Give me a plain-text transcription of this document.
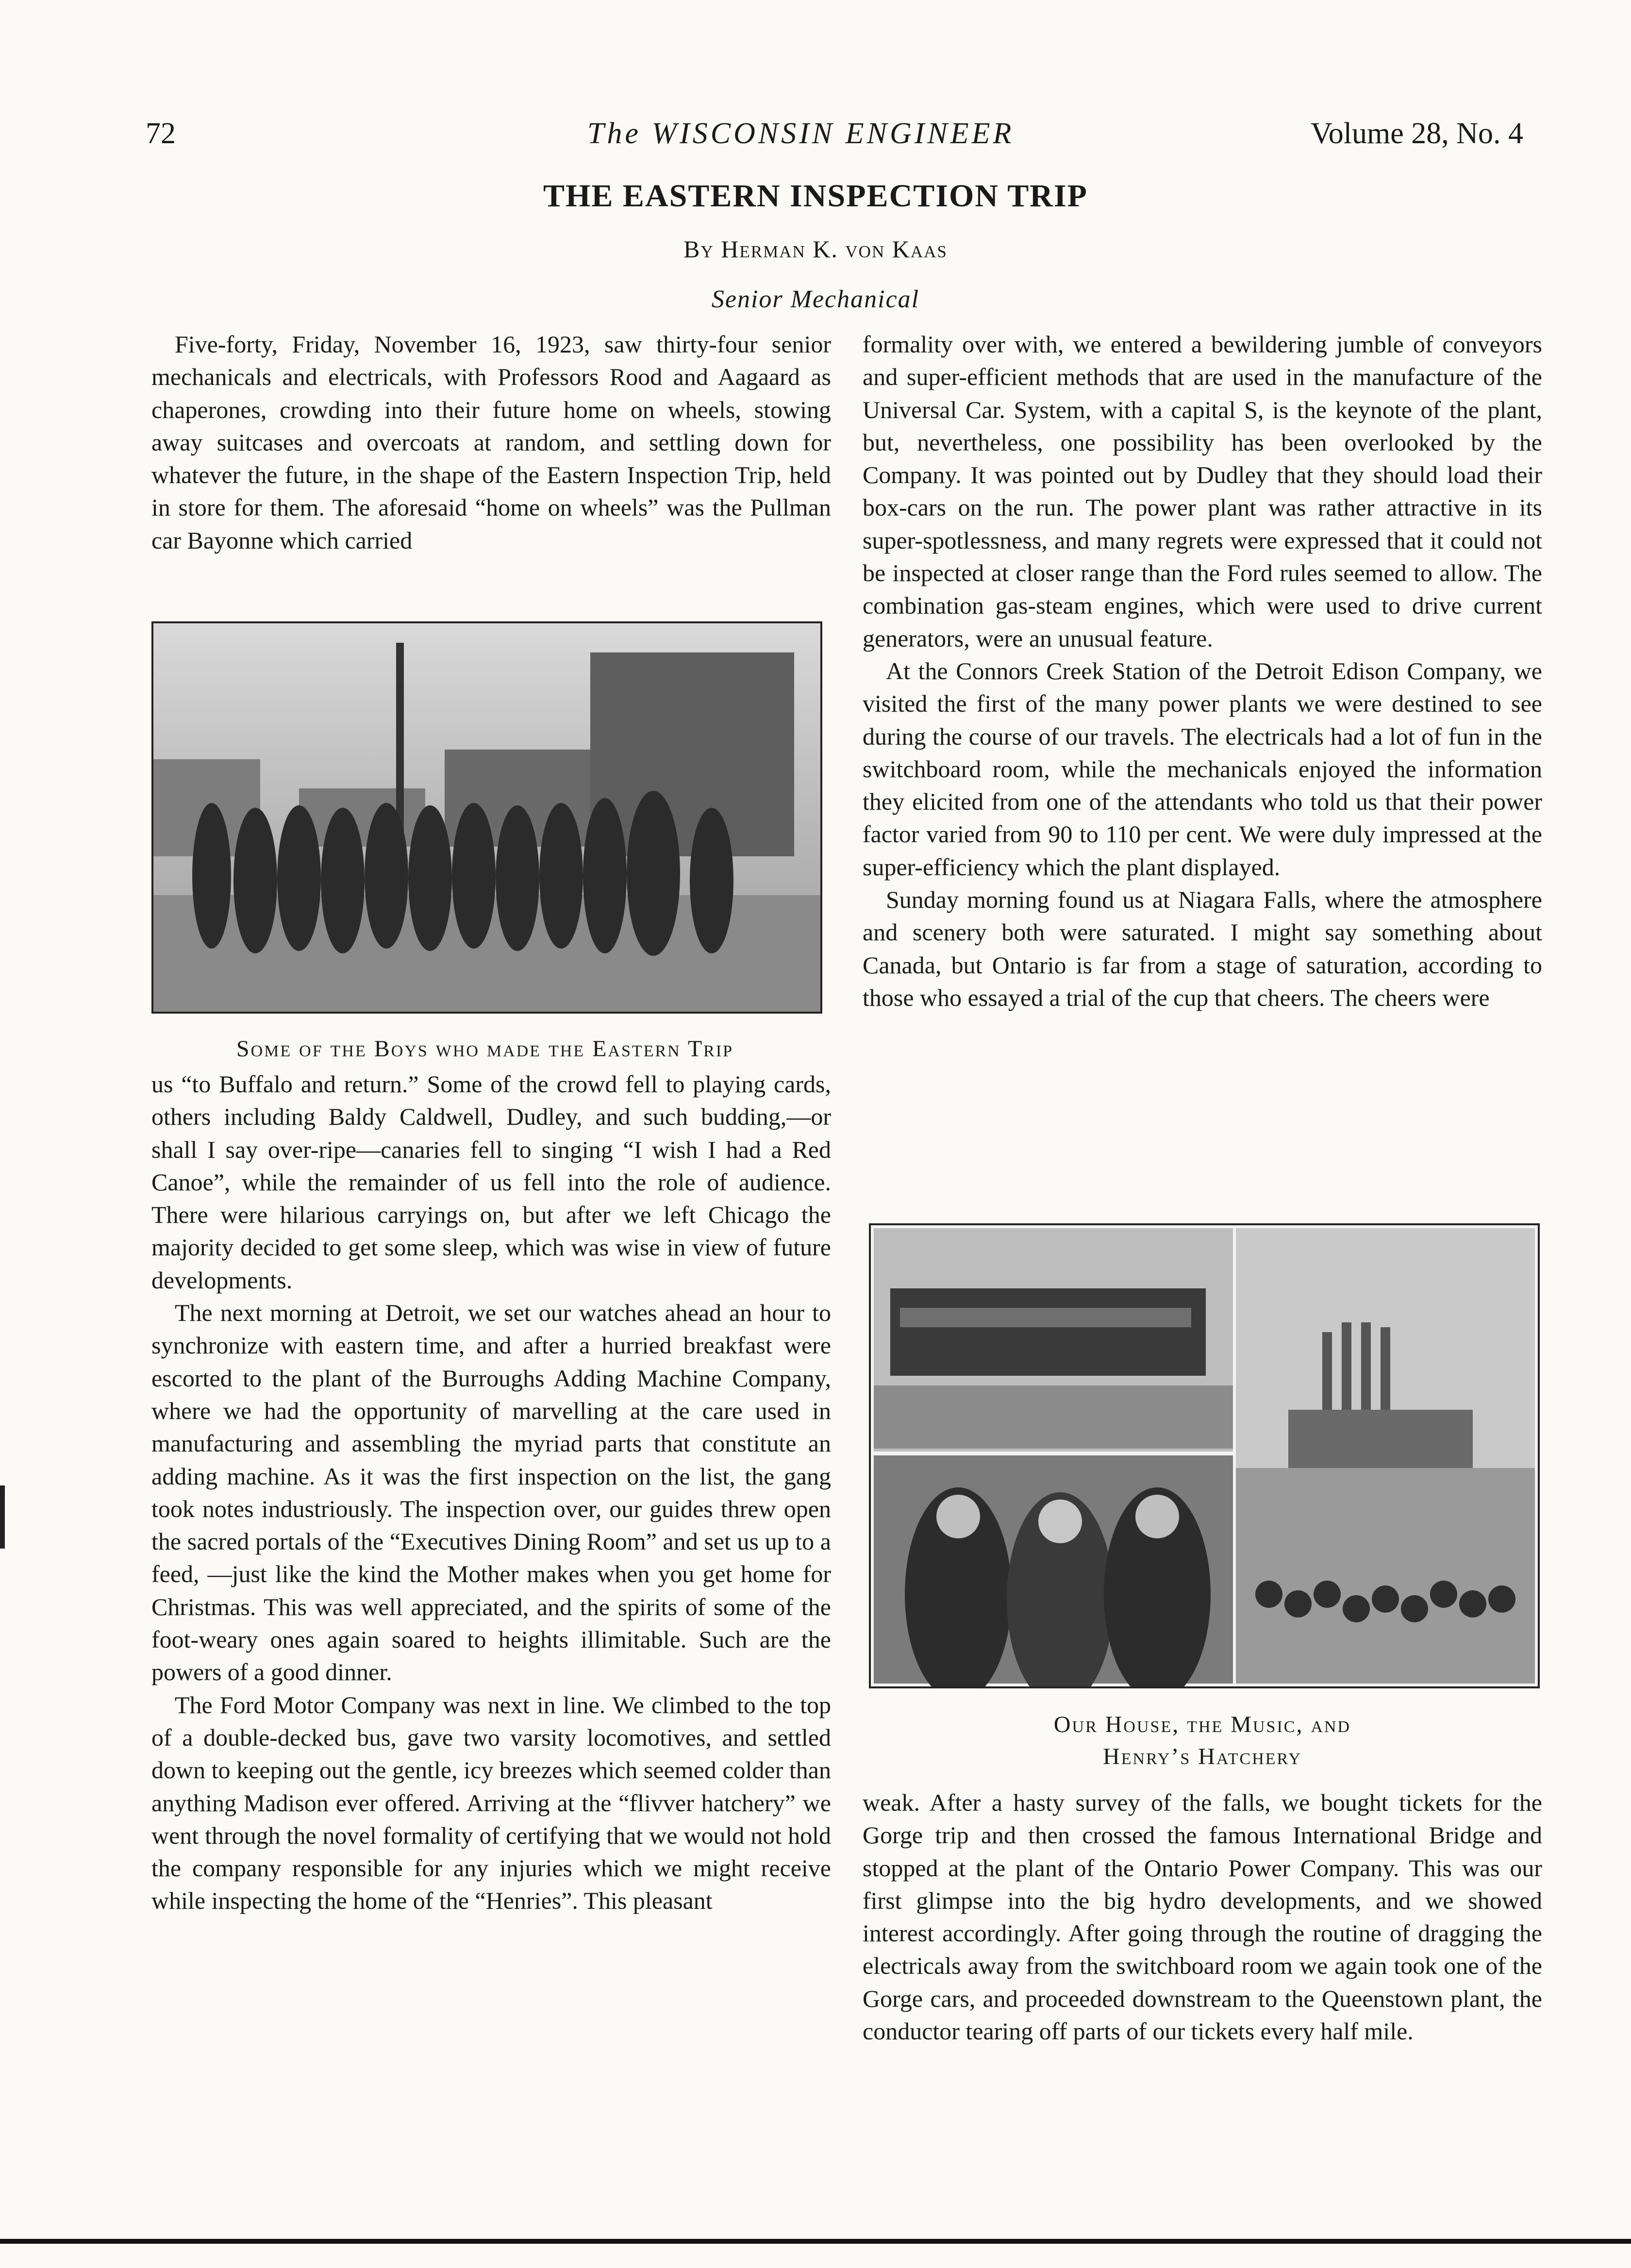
72	The WISCONSIN ENGINEER	Volume 28, No. 4
THE EASTERN INSPECTION TRIP
By Herman K. von Kaas
Senior Mechanical

Five-forty, Friday, November 16, 1923, saw thirty-four senior mechanicals and electricals, with Professors Rood and Aagaard as chaperones, crowding into their future home on wheels, stowing away suitcases and overcoats at random, and settling down for whatever the future, in the shape of the Eastern Inspection Trip, held in store for them. The aforesaid “home on wheels” was the Pullman car Bayonne which carried

Some of the Boys who made the Eastern Trip

us “to Buffalo and return.” Some of the crowd fell to playing cards, others including Baldy Caldwell, Dudley, and such budding,—or shall I say over-ripe—canaries fell to singing “I wish I had a Red Canoe”, while the remainder of us fell into the role of audience. There were hilarious carryings on, but after we left Chicago the majority decided to get some sleep, which was wise in view of future developments.

The next morning at Detroit, we set our watches ahead an hour to synchronize with eastern time, and after a hurried breakfast were escorted to the plant of the Burroughs Adding Machine Company, where we had the opportunity of marvelling at the care used in manufacturing and assembling the myriad parts that constitute an adding machine. As it was the first inspection on the list, the gang took notes industriously. The inspection over, our guides threw open the sacred portals of the “Executives Dining Room” and set us up to a feed, —just like the kind the Mother makes when you get home for Christmas. This was well appreciated, and the spirits of some of the foot-weary ones again soared to heights illimitable. Such are the powers of a good dinner.

The Ford Motor Company was next in line. We climbed to the top of a double-decked bus, gave two varsity locomotives, and settled down to keeping out the gentle, icy breezes which seemed colder than anything Madison ever offered. Arriving at the “flivver hatchery” we went through the novel formality of certifying that we would not hold the company responsible for any injuries which we might receive while inspecting the home of the “Henries”. This pleasant

formality over with, we entered a bewildering jumble of conveyors and super-efficient methods that are used in the manufacture of the Universal Car. System, with a capital S, is the keynote of the plant, but, nevertheless, one possibility has been overlooked by the Company. It was pointed out by Dudley that they should load their box-cars on the run. The power plant was rather attractive in its super-spotlessness, and many regrets were expressed that it could not be inspected at closer range than the Ford rules seemed to allow. The combination gas-steam engines, which were used to drive current generators, were an unusual feature.

At the Connors Creek Station of the Detroit Edison Company, we visited the first of the many power plants we were destined to see during the course of our travels. The electricals had a lot of fun in the switchboard room, while the mechanicals enjoyed the information they elicited from one of the attendants who told us that their power factor varied from 90 to 110 per cent. We were duly impressed at the super-efficiency which the plant displayed.

Sunday morning found us at Niagara Falls, where the atmosphere and scenery both were saturated. I might say something about Canada, but Ontario is far from a stage of saturation, according to those who essayed a trial of the cup that cheers. The cheers were

Our House, the Music, and
Henry’s Hatchery

weak. After a hasty survey of the falls, we bought tickets for the Gorge trip and then crossed the famous International Bridge and stopped at the plant of the Ontario Power Company. This was our first glimpse into the big hydro developments, and we showed interest accordingly. After going through the routine of dragging the electricals away from the switchboard room we again took one of the Gorge cars, and proceeded downstream to the Queenstown plant, the conductor tearing off parts of our tickets every half mile.
